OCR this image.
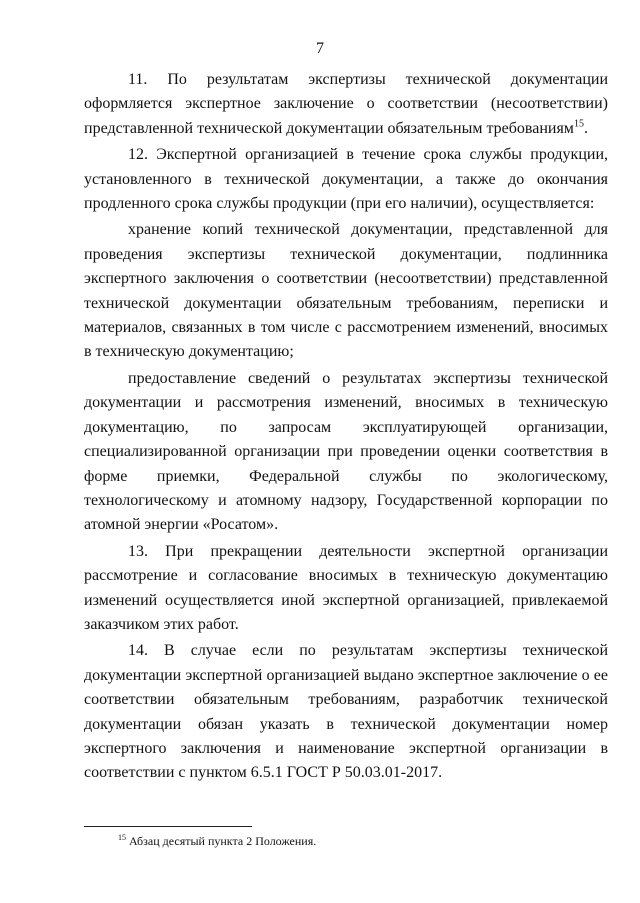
7

11. По результатам экспертизы технической документации оформляется экспертное заключение о соответствии (несоответствии) представленной технической документации обязательным требованиям$^{15}$.

12. Экспертной организацией в течение срока службы продукции, установленного в технической документации, а также до окончания продленного срока службы продукции (при его наличии), осуществляется:

хранение копий технической документации, представленной для проведения экспертизы технической документации, подлинника экспертного заключения о соответствии (несоответствии) представленной технической документации обязательным требованиям, переписки и материалов, связанных в том числе с рассмотрением изменений, вносимых в техническую документацию;

предоставление сведений о результатах экспертизы технической документации и рассмотрения изменений, вносимых в техническую документацию, по запросам эксплуатирующей организации, специализированной организации при проведении оценки соответствия в форме приемки, Федеральной службы по экологическому, технологическому и атомному надзору, Государственной корпорации по атомной энергии «Росатом».

13. При прекращении деятельности экспертной организации рассмотрение и согласование вносимых в техническую документацию изменений осуществляется иной экспертной организацией, привлекаемой заказчиком этих работ.

14. В случае если по результатам экспертизы технической документации экспертной организацией выдано экспертное заключение о ее соответствии обязательным требованиям, разработчик технической документации обязан указать в технической документации номер экспертного заключения и наименование экспертной организации в соответствии с пунктом 6.5.1 ГОСТ Р 50.03.01-2017.

$^{15}$ Абзац десятый пункта 2 Положения.
